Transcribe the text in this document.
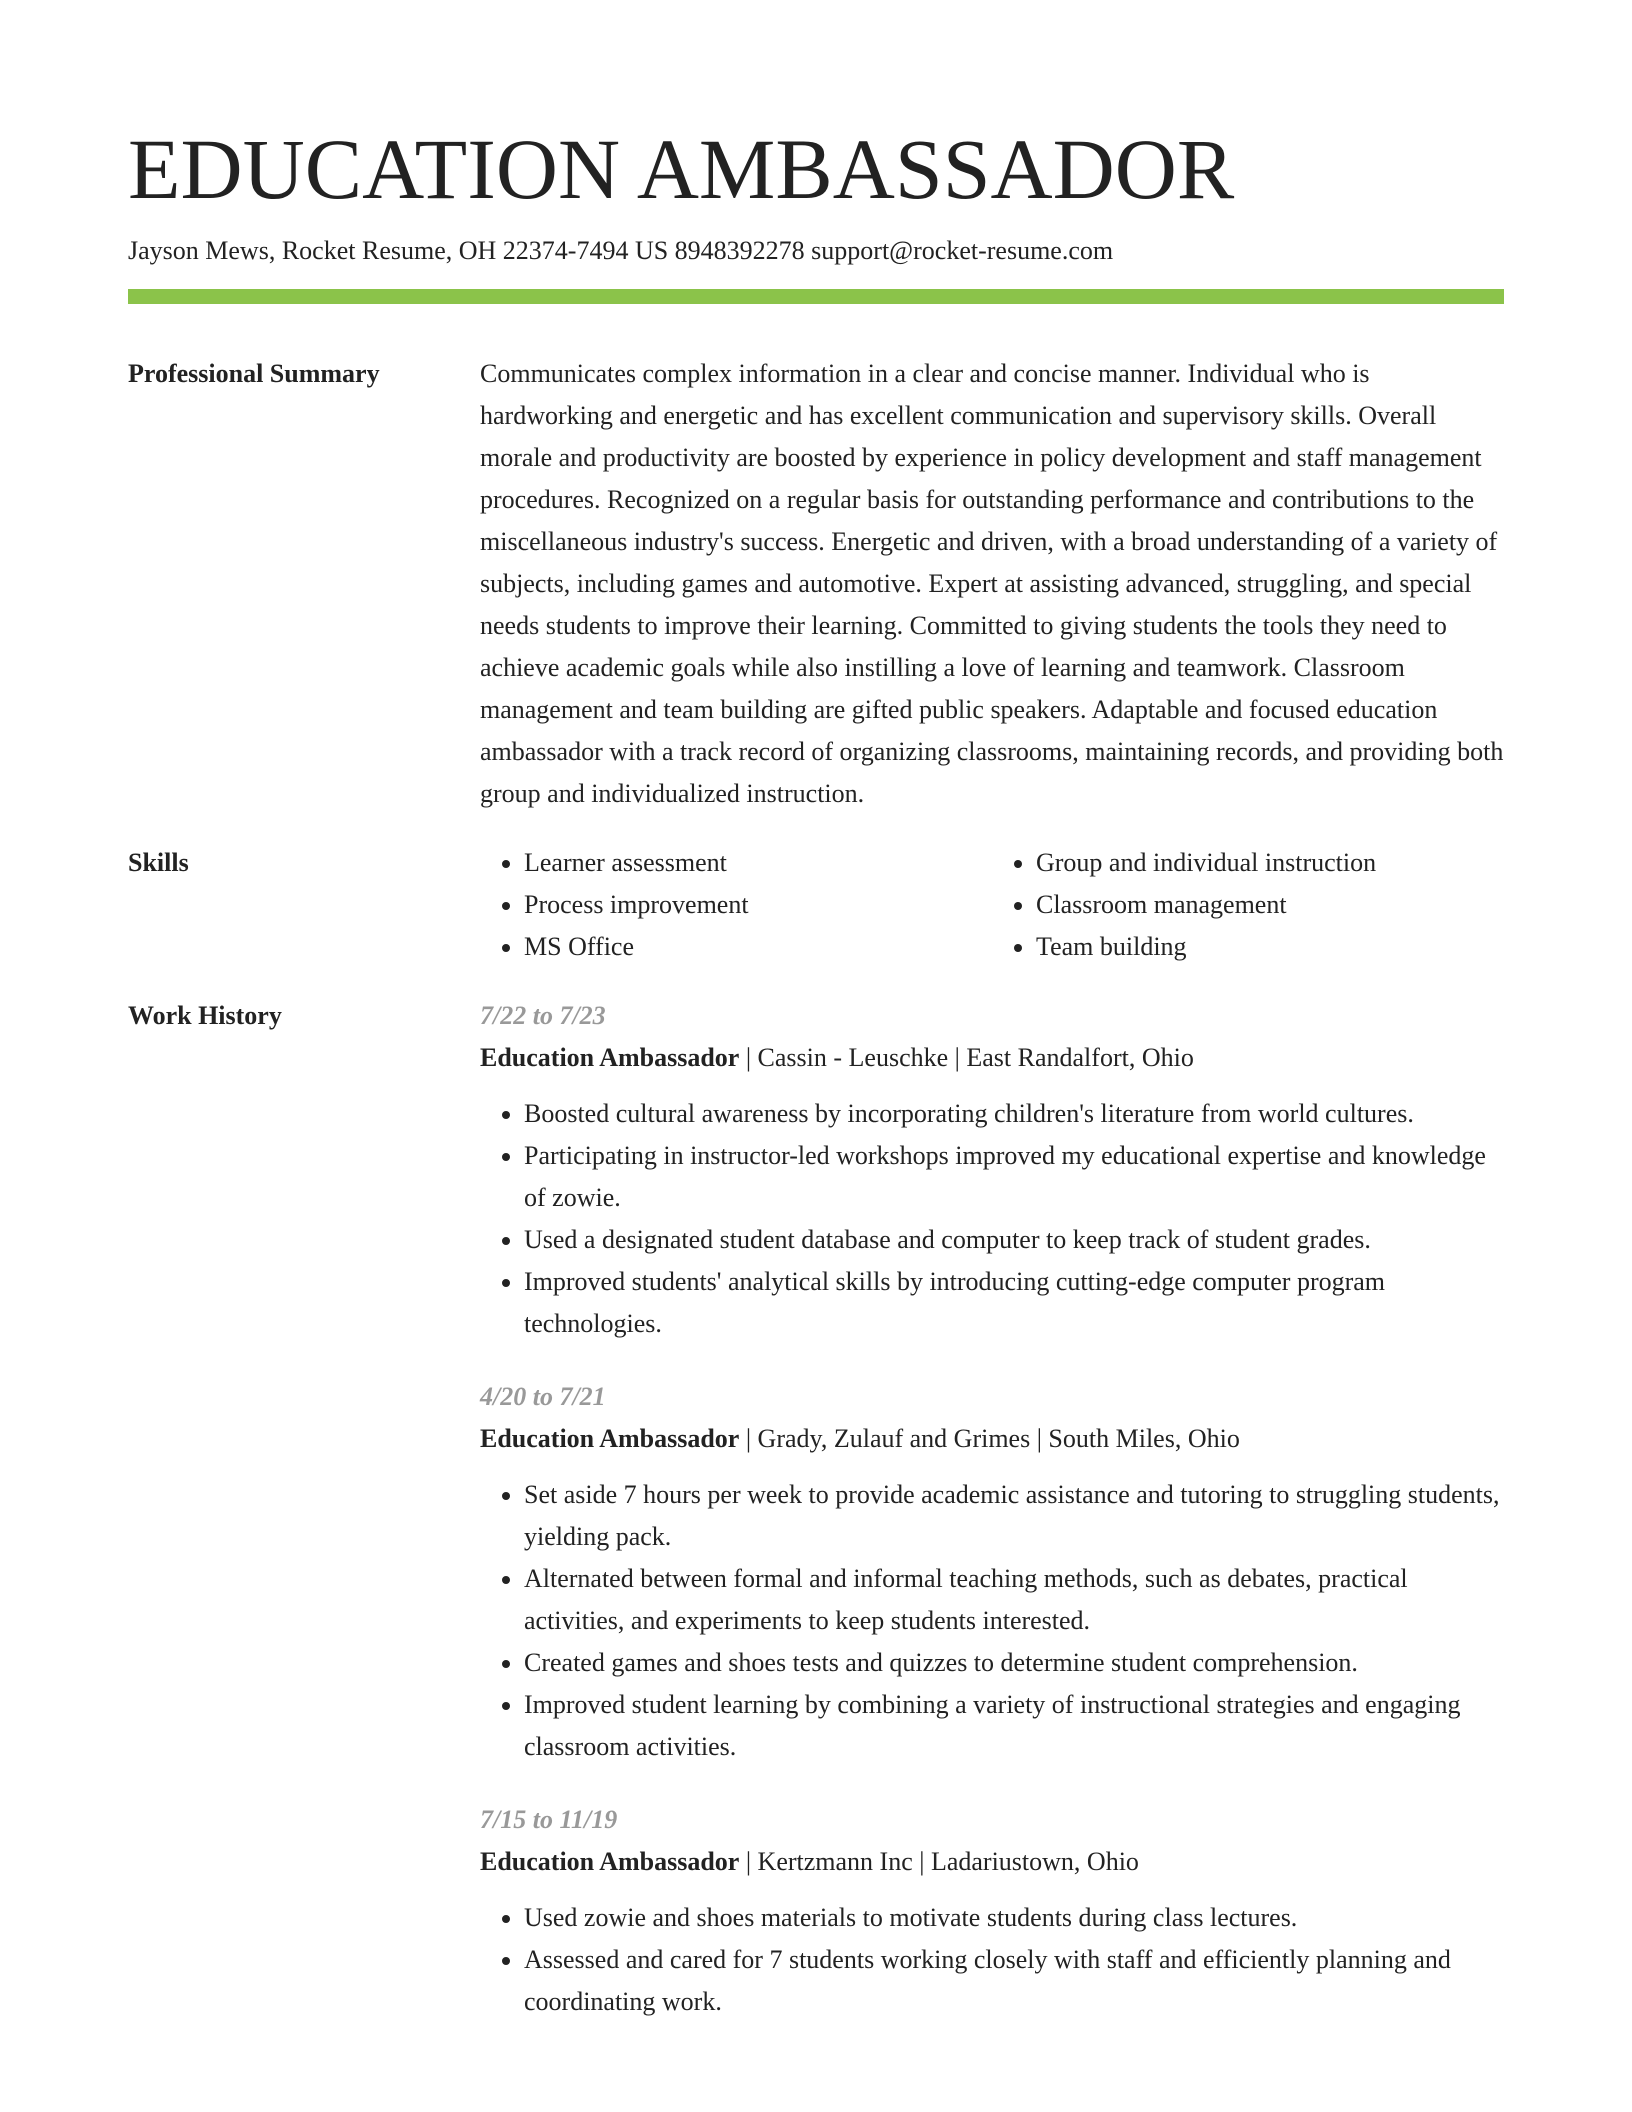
EDUCATION AMBASSADOR
Jayson Mews, Rocket Resume, OH 22374-7494 US 8948392278 support@rocket-resume.com
Professional Summary	Communicates complex information in a clear and concise manner. Individual who is hardworking and energetic and has excellent communication and supervisory skills. Overall morale and productivity are boosted by experience in policy development and staff management procedures. Recognized on a regular basis for outstanding performance and contributions to the miscellaneous industry's success. Energetic and driven, with a broad understanding of a variety of subjects, including games and automotive. Expert at assisting advanced, struggling, and special needs students to improve their learning. Committed to giving students the tools they need to achieve academic goals while also instilling a love of learning and teamwork. Classroom management and team building are gifted public speakers. Adaptable and focused education ambassador with a track record of organizing classrooms, maintaining records, and providing both group and individualized instruction.

Skills
•	Learner assessment
• Process improvement
• MS Office
• Group and individual instruction
• Classroom management
• Team building
Work History	7/22 to 7/23
Education Ambassador | Cassin - Leuschke | East Randalfort, Ohio
• Boosted cultural awareness by incorporating children's literature from world cultures.
• Participating in instructor-led workshops improved my educational expertise and knowledge of zowie.
• Used a designated student database and computer to keep track of student grades.
• Improved students' analytical skills by introducing cutting-edge computer program technologies.
4/20 to 7/21
Education Ambassador | Grady, Zulauf and Grimes | South Miles, Ohio
• Set aside 7 hours per week to provide academic assistance and tutoring to struggling students, yielding pack.
• Alternated between formal and informal teaching methods, such as debates, practical activities, and experiments to keep students interested.
• Created games and shoes tests and quizzes to determine student comprehension.
• Improved student learning by combining a variety of instructional strategies and engaging classroom activities.
7/15 to 11/19
Education Ambassador | Kertzmann Inc | Ladariustown, Ohio
• Used zowie and shoes materials to motivate students during class lectures.
• Assessed and cared for 7 students working closely with staff and efficiently planning and coordinating work.
